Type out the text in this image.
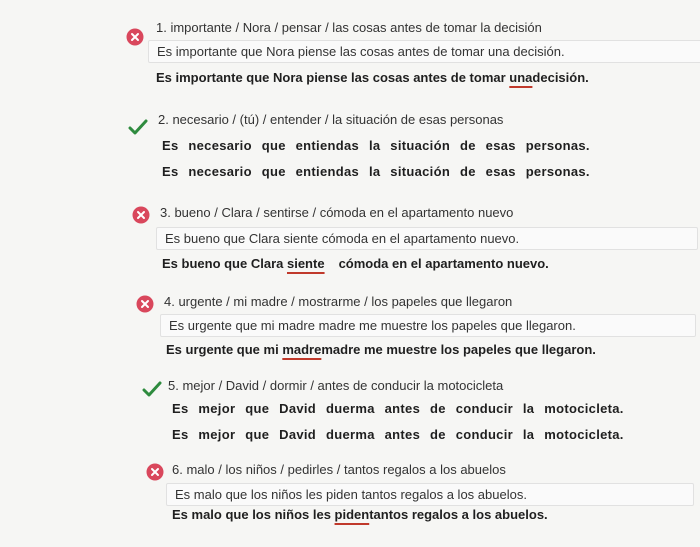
1. importante / Nora / pensar / las cosas antes de tomar la decisión
Es importante que Nora piense las cosas antes de tomar una decisión.
Es importante que Nora piense las cosas antes de tomar unadecisión.
2. necesario / (tú) / entender / la situación de esas personas
Es necesario que entiendas la situación de esas personas.
Es necesario que entiendas la situación de esas personas.
3. bueno / Clara / sentirse / cómoda en el apartamento nuevo
Es bueno que Clara siente cómoda en el apartamento nuevo.
Es bueno que Clara siente cómoda en el apartamento nuevo.
4. urgente / mi madre / mostrarme / los papeles que llegaron
Es urgente que mi madre madre me muestre los papeles que llegaron.
Es urgente que mi madremadre me muestre los papeles que llegaron.
5. mejor / David / dormir / antes de conducir la motocicleta
Es mejor que David duerma antes de conducir la motocicleta.
Es mejor que David duerma antes de conducir la motocicleta.
6. malo / los niños / pedirles / tantos regalos a los abuelos
Es malo que los niños les piden tantos regalos a los abuelos.
Es malo que los niños les pidentantos regalos a los abuelos.
